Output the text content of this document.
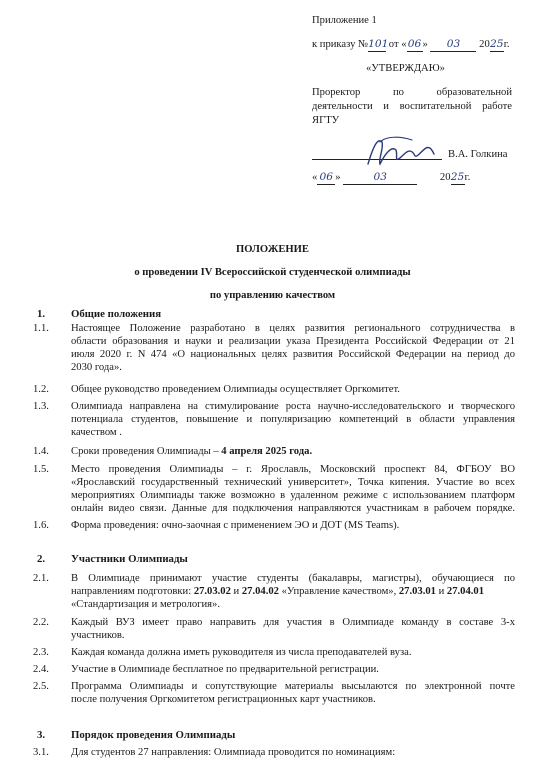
Приложение 1
к приказу №101 от «06» 03 2025г.
«УТВЕРЖДАЮ»
Проректор по образовательной
деятельности и воспитательной работе
ЯГТУ
В.А. Голкина
« 06 »	03	2025г.
ПОЛОЖЕНИЕ
о проведении IV Всероссийской студенческой олимпиады
по управлению качеством
1. Общие положения
1.1. Настоящее Положение разработано в целях развития регионального сотрудничества в
области образования и науки и реализации указа Президента Российской Федерации от 21
июля 2020 г. N 474 «О национальных целях развития Российской Федерации на период до
2030 года».
1.2. Общее руководство проведением Олимпиады осуществляет Оргкомитет.
1.3. Олимпиада направлена на стимулирование роста научно-исследовательского и творческого
потенциала студентов, повышение и популяризацию компетенций в области управления
качеством .
1.4. Сроки проведения Олимпиады – 4 апреля 2025 года.
1.5. Место проведения Олимпиады – г. Ярославль, Московский проспект 84, ФГБОУ ВО
«Ярославский государственный технический университет», Точка кипения. Участие во всех
мероприятиях Олимпиады также возможно в удаленном режиме с использованием платформ
онлайн видео связи. Данные для подключения направляются участникам в рабочем порядке.
1.6. Форма проведения: очно-заочная с применением ЭО и ДОТ (MS Teams).
2. Участники Олимпиады
2.1. В Олимпиаде принимают участие студенты (бакалавры, магистры), обучающиеся по
направлениям подготовки: 27.03.02 и 27.04.02 «Управление качеством», 27.03.01 и 27.04.01
«Стандартизация и метрология».
2.2. Каждый ВУЗ имеет право направить для участия в Олимпиаде команду в составе 3-х
участников.
2.3. Каждая команда должна иметь руководителя из числа преподавателей вуза.
2.4. Участие в Олимпиаде бесплатное по предварительной регистрации.
2.5. Программа Олимпиады и сопутствующие материалы высылаются по электронной почте
после получения Оргкомитетом регистрационных карт участников.
3. Порядок проведения Олимпиады
3.1. Для студентов 27 направления: Олимпиада проводится по номинациям:
